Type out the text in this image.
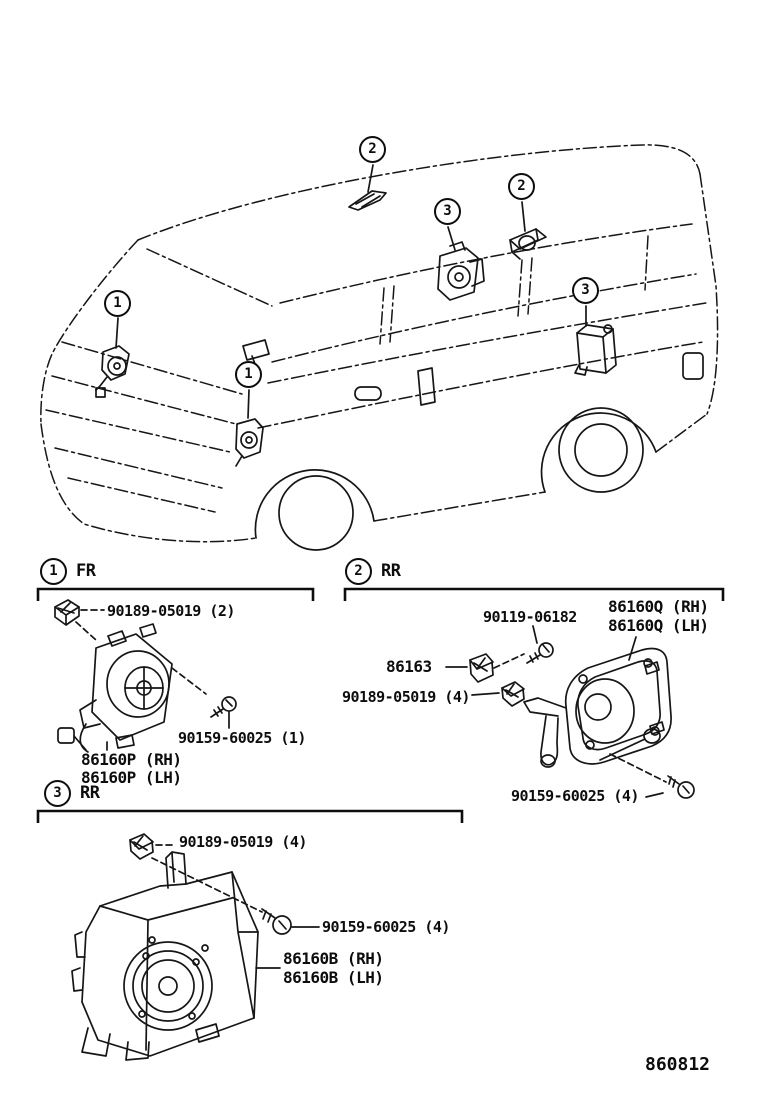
1
1
2
2
3
3
1	FR
90189-05019 (2)
90159-60025 (1)
86160P (RH)
86160P (LH)
2	RR
90119-06182
86163
90189-05019 (4)
86160Q (RH)
86160Q (LH)
90159-60025 (4)
3	RR
90189-05019 (4)
90159-60025 (4)
86160B (RH)
86160B (LH)
860812
